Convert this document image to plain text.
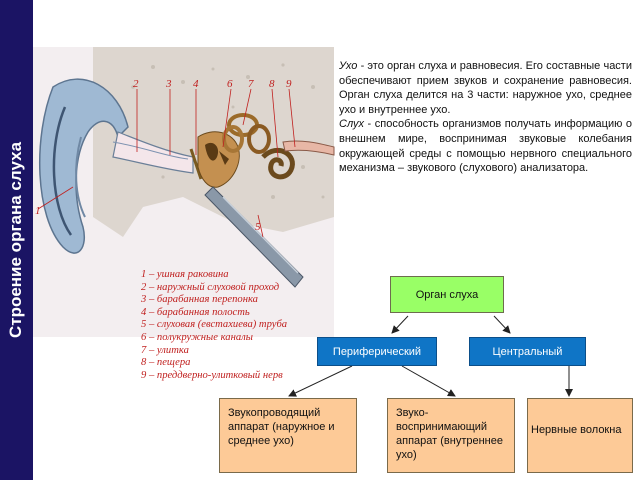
Строение органа слуха 1
2	3 4
5
6 7 8 9
1 – ушная раковина
2 – наружный слуховой проход
3 – барабанная перепонка
4 – барабанная полость
5 – слуховая (евстахиева) труба
6 – полукружные каналы
7 – улитка
8 – пещера
9 – преддверно-улитковый нерв

Ухо - это орган слуха и равновесия. Его составные части обеспечивают прием звуков и сохранение равновесия. Орган слуха делится на 3 части: наружное ухо, среднее ухо и внутреннее ухо.

Слух - способность организмов получать информацию о внешнем мире, воспринимая звуковые колебания окружающей среды с помощью нервного специального механизма – звукового (слухового) анализатора.

Орган слуха
Периферический	Центральный
Звукопроводящий аппарат (наружное и среднее ухо)
Звуко-воспринимающий аппарат (внутреннее ухо)
Нервные волокна
